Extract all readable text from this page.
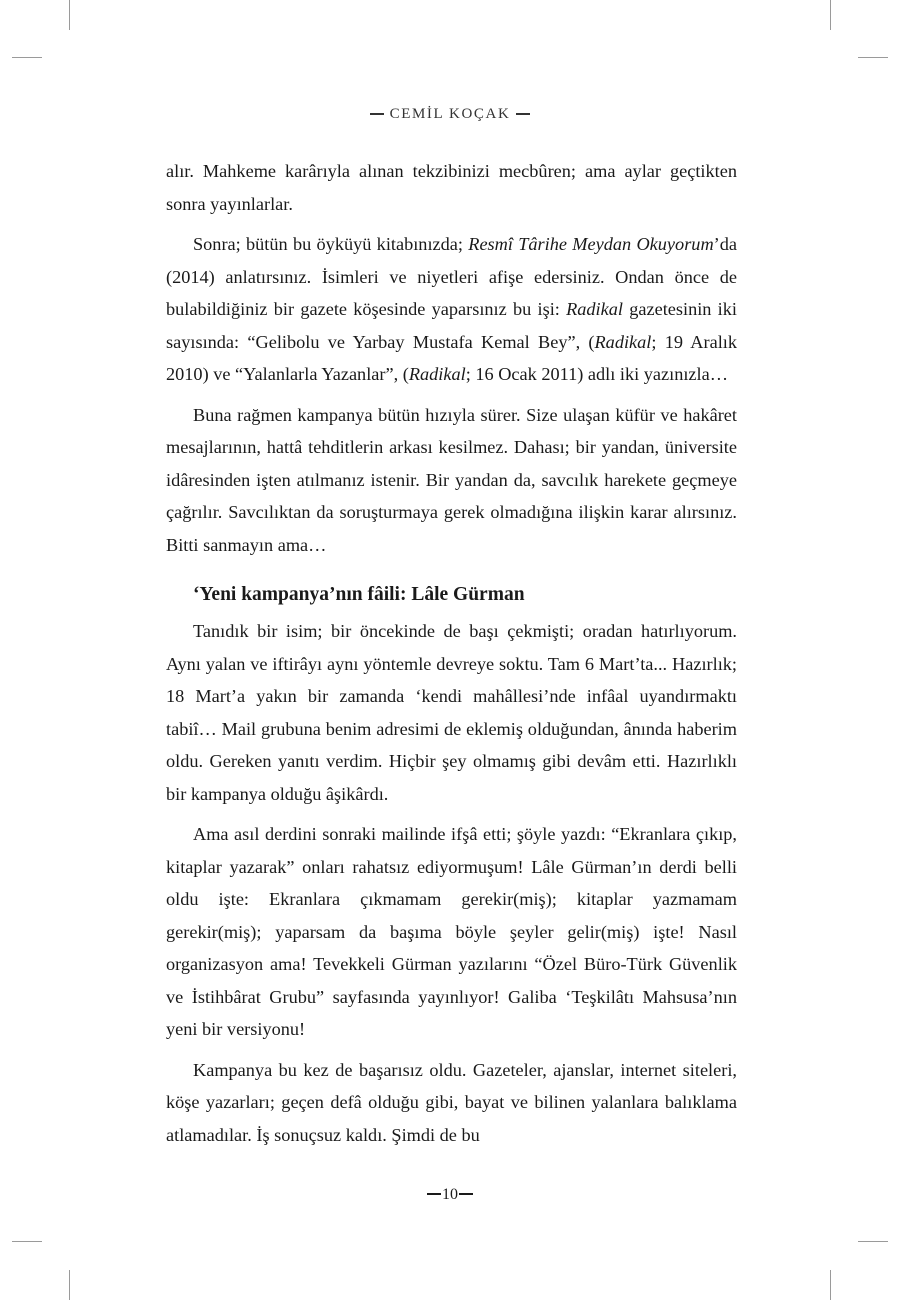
CEMİL KOÇAK

alır. Mahkeme karârıyla alınan tekzibinizi mecbûren; ama aylar geçtikten sonra yayınlarlar.

Sonra; bütün bu öyküyü kitabınızda; Resmî Târihe Meydan Okuyorum’da (2014) anlatırsınız. İsimleri ve niyetleri afişe edersiniz. Ondan önce de bulabildiğiniz bir gazete köşesinde yaparsınız bu işi: Radikal gazetesinin iki sayısında: “Gelibolu ve Yarbay Mustafa Kemal Bey”, (Radikal; 19 Aralık 2010) ve “Yalanlarla Yazanlar”, (Radikal; 16 Ocak 2011) adlı iki yazınızla…

Buna rağmen kampanya bütün hızıyla sürer. Size ulaşan küfür ve hakâret mesajlarının, hattâ tehditlerin arkası kesilmez. Dahası; bir yandan, üniversite idâresinden işten atılmanız istenir. Bir yandan da, savcılık harekete geçmeye çağrılır. Savcılıktan da soruşturmaya gerek olmadığına ilişkin karar alırsınız. Bitti sanmayın ama…

‘Yeni kampanya’nın fâili: Lâle Gürman

Tanıdık bir isim; bir öncekinde de başı çekmişti; oradan hatırlıyorum. Aynı yalan ve iftirâyı aynı yöntemle devreye soktu. Tam 6 Mart’ta... Hazırlık; 18 Mart’a yakın bir zamanda ‘kendi mahâllesi’nde infâal uyandırmaktı tabiî… Mail grubuna benim adresimi de eklemiş olduğundan, ânında haberim oldu. Gereken yanıtı verdim. Hiçbir şey olmamış gibi devâm etti. Hazırlıklı bir kampanya olduğu âşikârdı.

Ama asıl derdini sonraki mailinde ifşâ etti; şöyle yazdı: “Ekranlara çıkıp, kitaplar yazarak” onları rahatsız ediyormuşum! Lâle Gürman’ın derdi belli oldu işte: Ekranlara çıkmamam gerekir(miş); kitaplar yazmamam gerekir(miş); yaparsam da başıma böyle şeyler gelir(miş) işte! Nasıl organizasyon ama! Tevekkeli Gürman yazılarını “Özel Büro-Türk Güvenlik ve İstihbârat Grubu” sayfasında yayınlıyor! Galiba ‘Teşkilâtı Mahsusa’nın yeni bir versiyonu!

Kampanya bu kez de başarısız oldu. Gazeteler, ajanslar, internet siteleri, köşe yazarları; geçen defâ olduğu gibi, bayat ve bilinen yalanlara balıklama atlamadılar. İş sonuçsuz kaldı. Şimdi de bu

10
